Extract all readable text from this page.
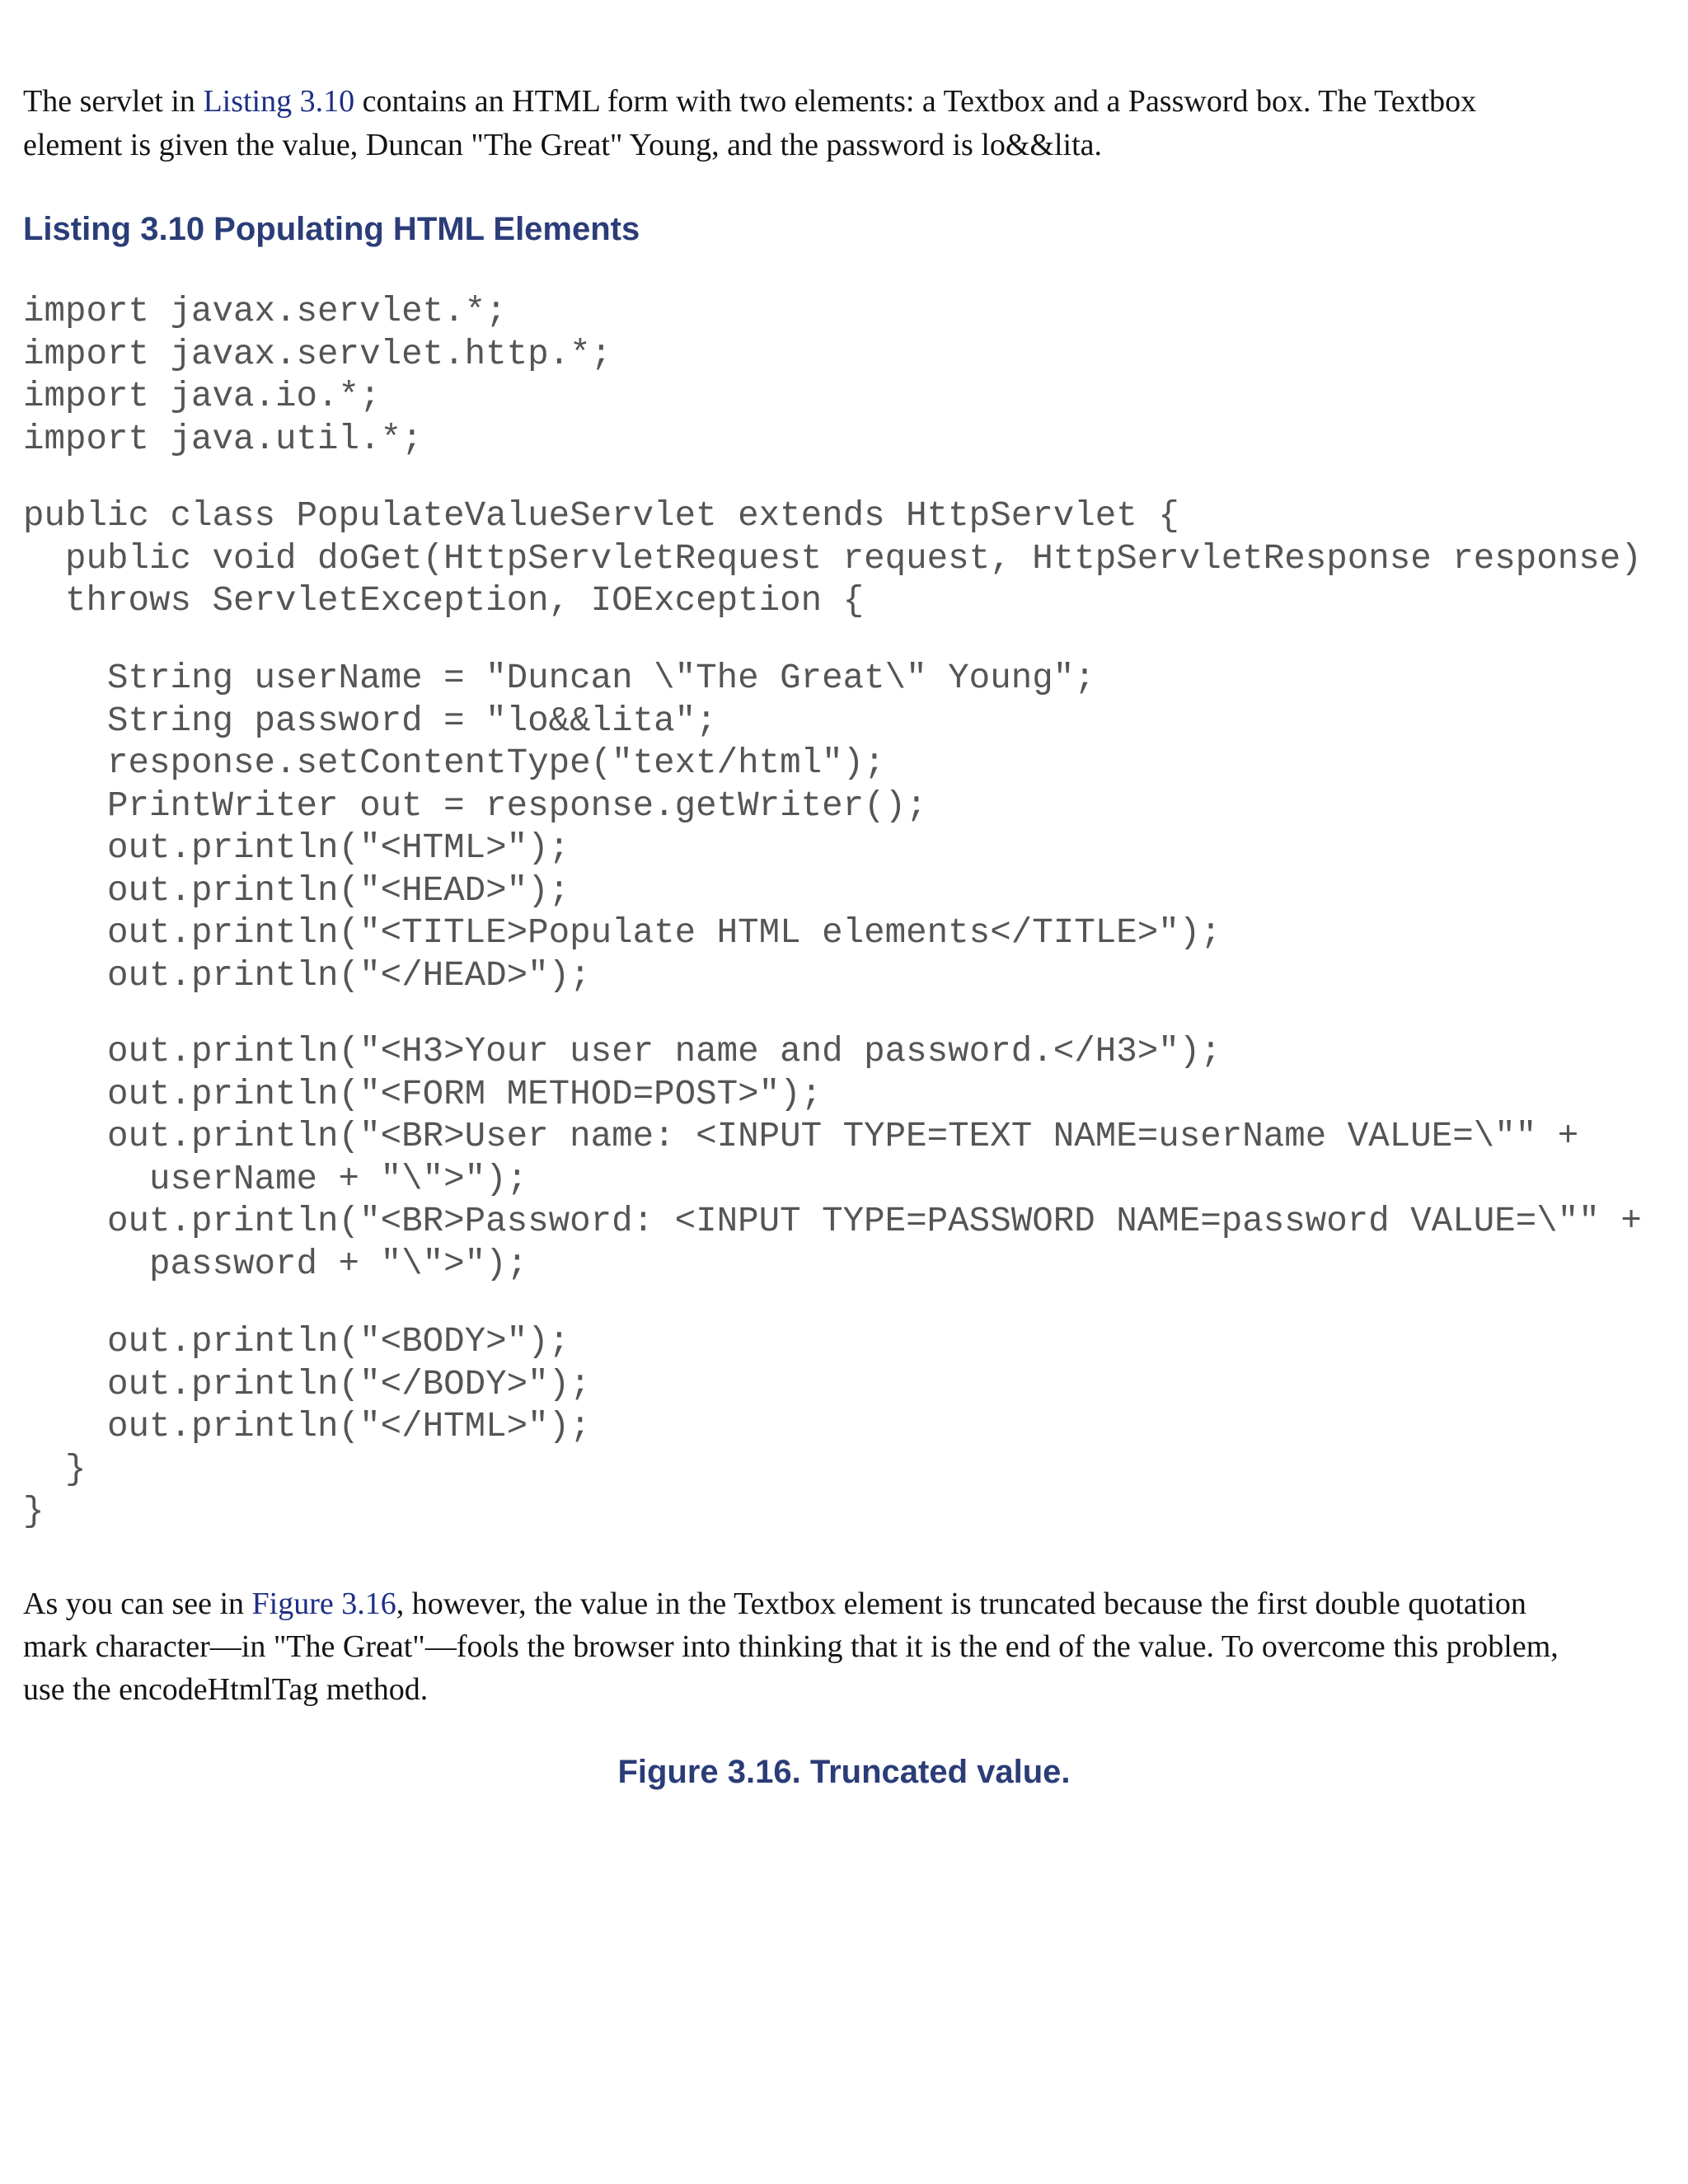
The servlet in Listing 3.10 contains an HTML form with two elements: a Textbox and a Password box. The Textbox
element is given the value, Duncan "The Great" Young, and the password is lo&&lita.

Listing 3.10 Populating HTML Elements
import javax.servlet.*;
import javax.servlet.http.*;
import java.io.*;
import java.util.*;
public class PopulateValueServlet extends HttpServlet {
public void doGet(HttpServletRequest request, HttpServletResponse response)
throws ServletException, IOException {
String userName = "Duncan \"The Great\" Young";
String password = "lo&&lita";
response.setContentType("text/html");
PrintWriter out = response.getWriter();
out.println("<HTML>");
out.println("<HEAD>");
out.println("<TITLE>Populate HTML elements</TITLE>");
out.println("</HEAD>");
out.println("<H3>Your user name and password.</H3>");
out.println("<FORM METHOD=POST>");
out.println("<BR>User name: <INPUT TYPE=TEXT NAME=userName VALUE=\"" +
userName + "\">");
out.println("<BR>Password: <INPUT TYPE=PASSWORD NAME=password VALUE=\"" +
password + "\">");
out.println("<BODY>");
out.println("</BODY>");
out.println("</HTML>");
}
}

As you can see in Figure 3.16, however, the value in the Textbox element is truncated because the first double quotation
mark character—in "The Great"—fools the browser into thinking that it is the end of the value. To overcome this problem,
use the encodeHtmlTag method.

Figure 3.16. Truncated value.
